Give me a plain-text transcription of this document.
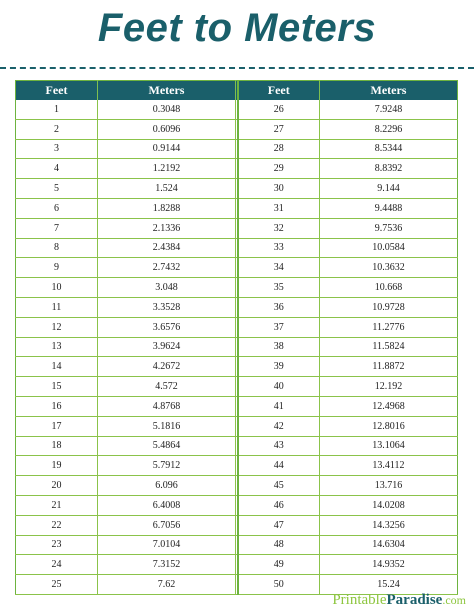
Feet to Meters
Feet	Meters		Feet	Meters
1	0.3048		26	7.9248
2	0.6096		27	8.2296
3	0.9144		28	8.5344
4	1.2192		29	8.8392
5	1.524		30	9.144
6	1.8288		31	9.4488
7	2.1336		32	9.7536
8	2.4384		33	10.0584
9	2.7432		34	10.3632
10	3.048		35	10.668
11	3.3528		36	10.9728
12	3.6576		37	11.2776
13	3.9624		38	11.5824
14	4.2672		39	11.8872
15	4.572		40	12.192
16	4.8768		41	12.4968
17	5.1816		42	12.8016
18	5.4864		43	13.1064
19	5.7912		44	13.4112
20	6.096		45	13.716
21	6.4008		46	14.0208
22	6.7056		47	14.3256
23	7.0104		48	14.6304
24	7.3152		49	14.9352
25	7.62		50	15.24
PrintableParadise.com
